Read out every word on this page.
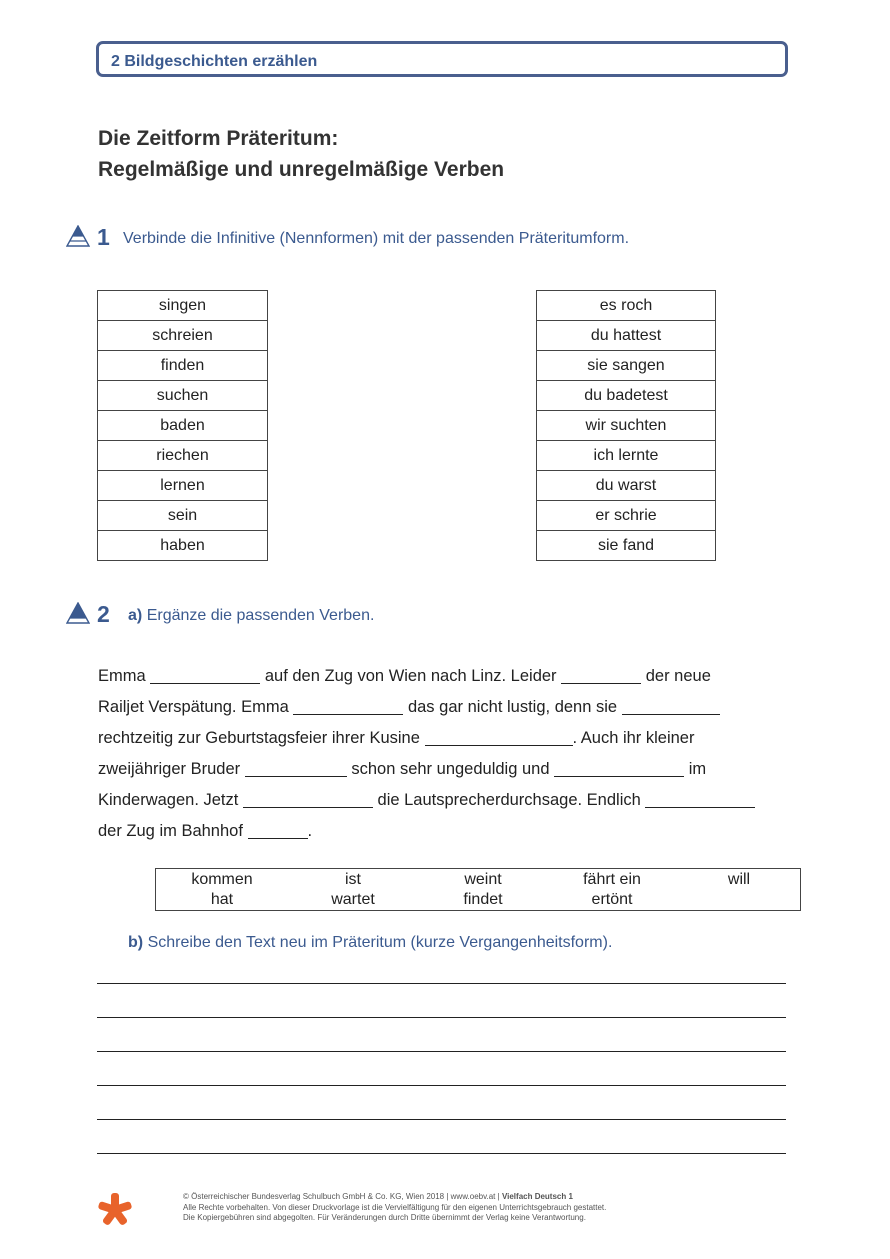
2 Bildgeschichten erzählen
Die Zeitform Präteritum:
Regelmäßige und unregelmäßige Verben
1 Verbinde die Infinitive (Nennformen) mit der passenden Präteritumform.
singen
schreien
finden
suchen
baden
riechen
lernen
sein
haben
es roch
du hattest
sie sangen
du badetest
wir suchten
ich lernte
du warst
er schrie
sie fand
2 a) Ergänze die passenden Verben.
Emma	auf den Zug von Wien nach Linz. Leider	der neue
Railjet Verspätung. Emma	das gar nicht lustig, denn sie
rechtzeitig zur Geburtstagsfeier ihrer Kusine	. Auch ihr kleiner
zweijähriger Bruder	schon sehr ungeduldig und	im
Kinderwagen. Jetzt	die Lautsprecherdurchsage. Endlich
der Zug im Bahnhof	.
kommen	ist	weint	fährt ein	will
hat	wartet	findet	ertönt
b) Schreibe den Text neu im Präteritum (kurze Vergangenheitsform).
© Österreichischer Bundesverlag Schulbuch GmbH & Co. KG, Wien 2018 | www.oebv.at | Vielfach Deutsch 1
Alle Rechte vorbehalten. Von dieser Druckvorlage ist die Vervielfältigung für den eigenen Unterrichtsgebrauch gestattet.
Die Kopiergebühren sind abgegolten. Für Veränderungen durch Dritte übernimmt der Verlag keine Verantwortung.
